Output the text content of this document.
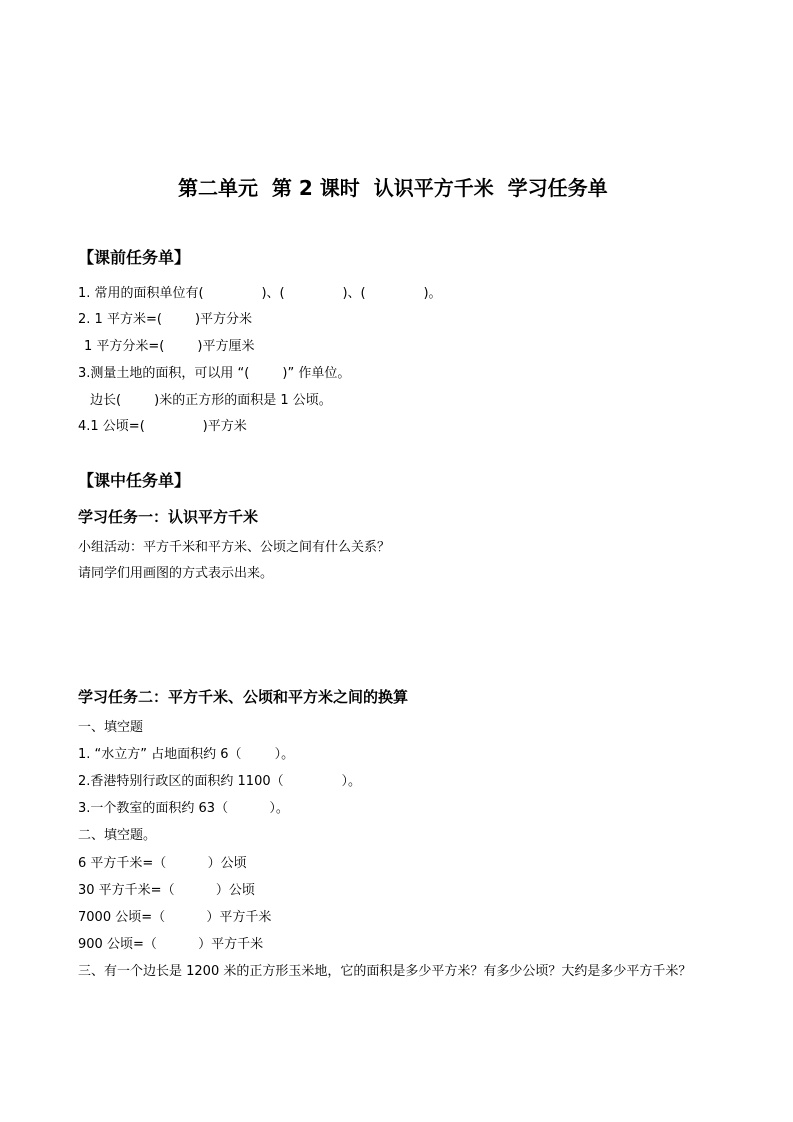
第二单元  第 2 课时  认识平方千米  学习任务单
【课前任务单】
1. 常用的面积单位有(              )、(              )、(              )。
2. 1 平方米=(        )平方分米
1 平方分米=(        )平方厘米
3.测量土地的面积，可以用 “(        )” 作单位。
边长(        )米的正方形的面积是 1 公顷。
4.1 公顷=(              )平方米
【课中任务单】
学习任务一：认识平方千米
小组活动：平方千米和平方米、公顷之间有什么关系？
请同学们用画图的方式表示出来。
学习任务二：平方千米、公顷和平方米之间的换算
一、填空题
1. “水立方” 占地面积约 6（        ）。
2.香港特别行政区的面积约 1100（              ）。
3.一个教室的面积约 63（          ）。
二、填空题。
6 平方千米=（          ）公顷
30 平方千米=（          ）公顷
7000 公顷=（          ）平方千米
900 公顷=（          ）平方千米
三、有一个边长是 1200 米的正方形玉米地，它的面积是多少平方米？有多少公顷？大约是多少平方千米？
